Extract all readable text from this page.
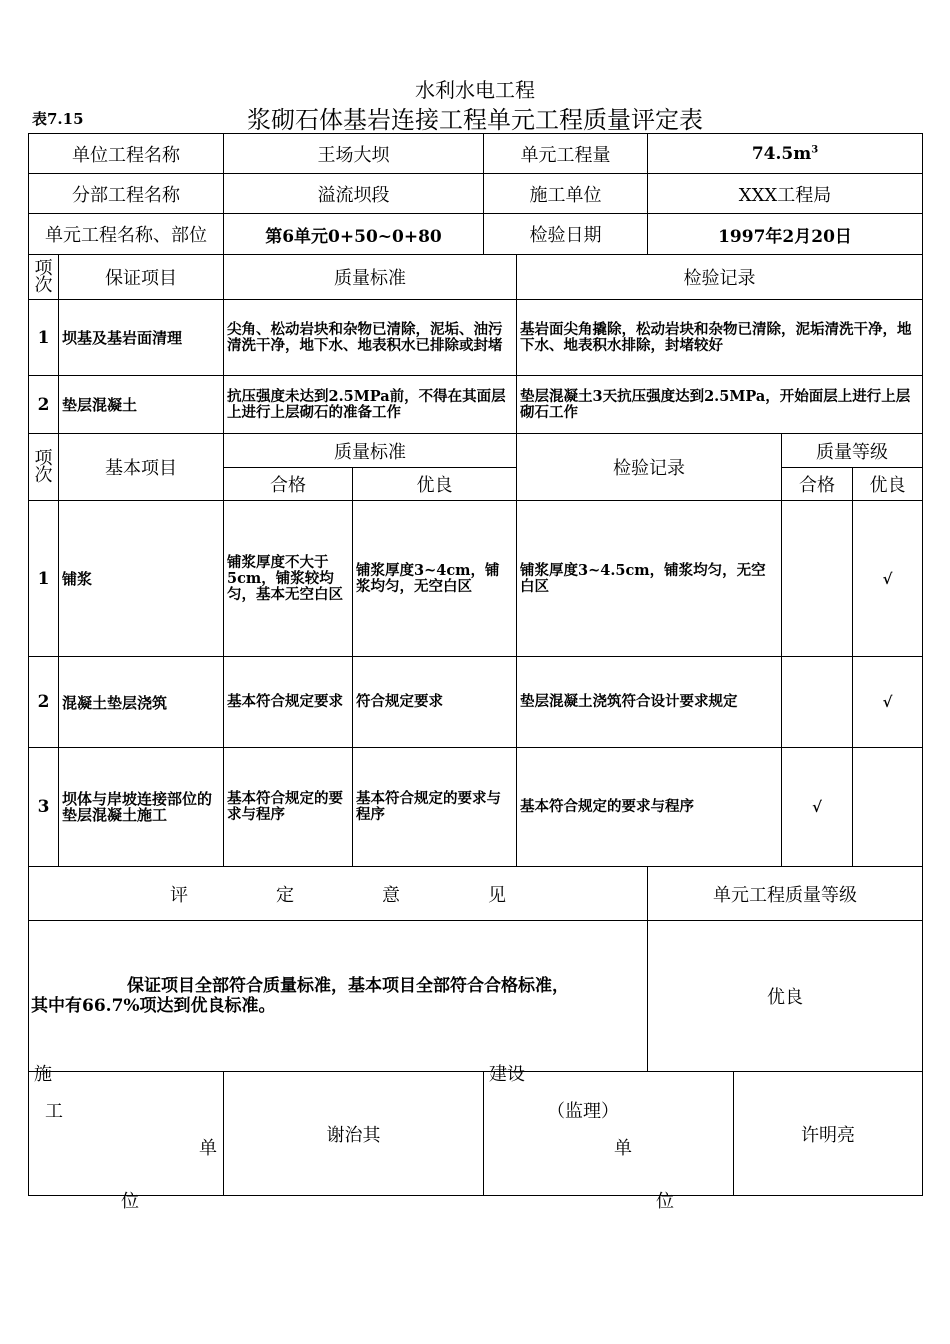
水利水电工程
表7.15	浆砌石体基岩连接工程单元工程质量评定表
单位工程名称	王场大坝	单元工程量	$74.5m^3$
分部工程名称	溢流坝段	施工单位	XXX工程局
单元工程名称、部位	第6单元0+50~0+80	检验日期	1997年2月20日
项
次	保证项目	质量标准	检验记录
1	坝基及基岩面清理	尖角、松动岩块和杂物已清除，泥垢、油污清洗干净，地下水、地表积水已排除或封堵	基岩面尖角撬除，松动岩块和杂物已清除，泥垢清洗干净，地下水、地表积水排除，封堵较好
2	垫层混凝土	抗压强度未达到2.5MPa前，不得在其面层上进行上层砌石的准备工作	垫层混凝土3天抗压强度达到2.5MPa，开始面层上进行上层砌石工作
项
次	基本项目	质量标准		检验记录	质量等级	
		合格	优良		合格	优良
1	铺浆	铺浆厚度不大于5cm，铺浆较均匀，基本无空白区	铺浆厚度3~4cm，铺浆均匀，无空白区	铺浆厚度3~4.5cm，铺浆均匀，无空白区		√
2	混凝土垫层浇筑	基本符合规定要求	符合规定要求	垫层混凝土浇筑符合设计要求规定		√
3	坝体与岸坡连接部位的垫层混凝土施工	基本符合规定的要求与程序	基本符合规定的要求与程序	基本符合规定的要求与程序	√	
评 定 意 见	单元工程质量等级

保证项目全部符合质量标准，基本项目全部符合合格标准，
其中有66.7%项达到优良标准。	优良
施
工
单
位
	谢治其	
建设
（监理）
单
位
	许明亮
